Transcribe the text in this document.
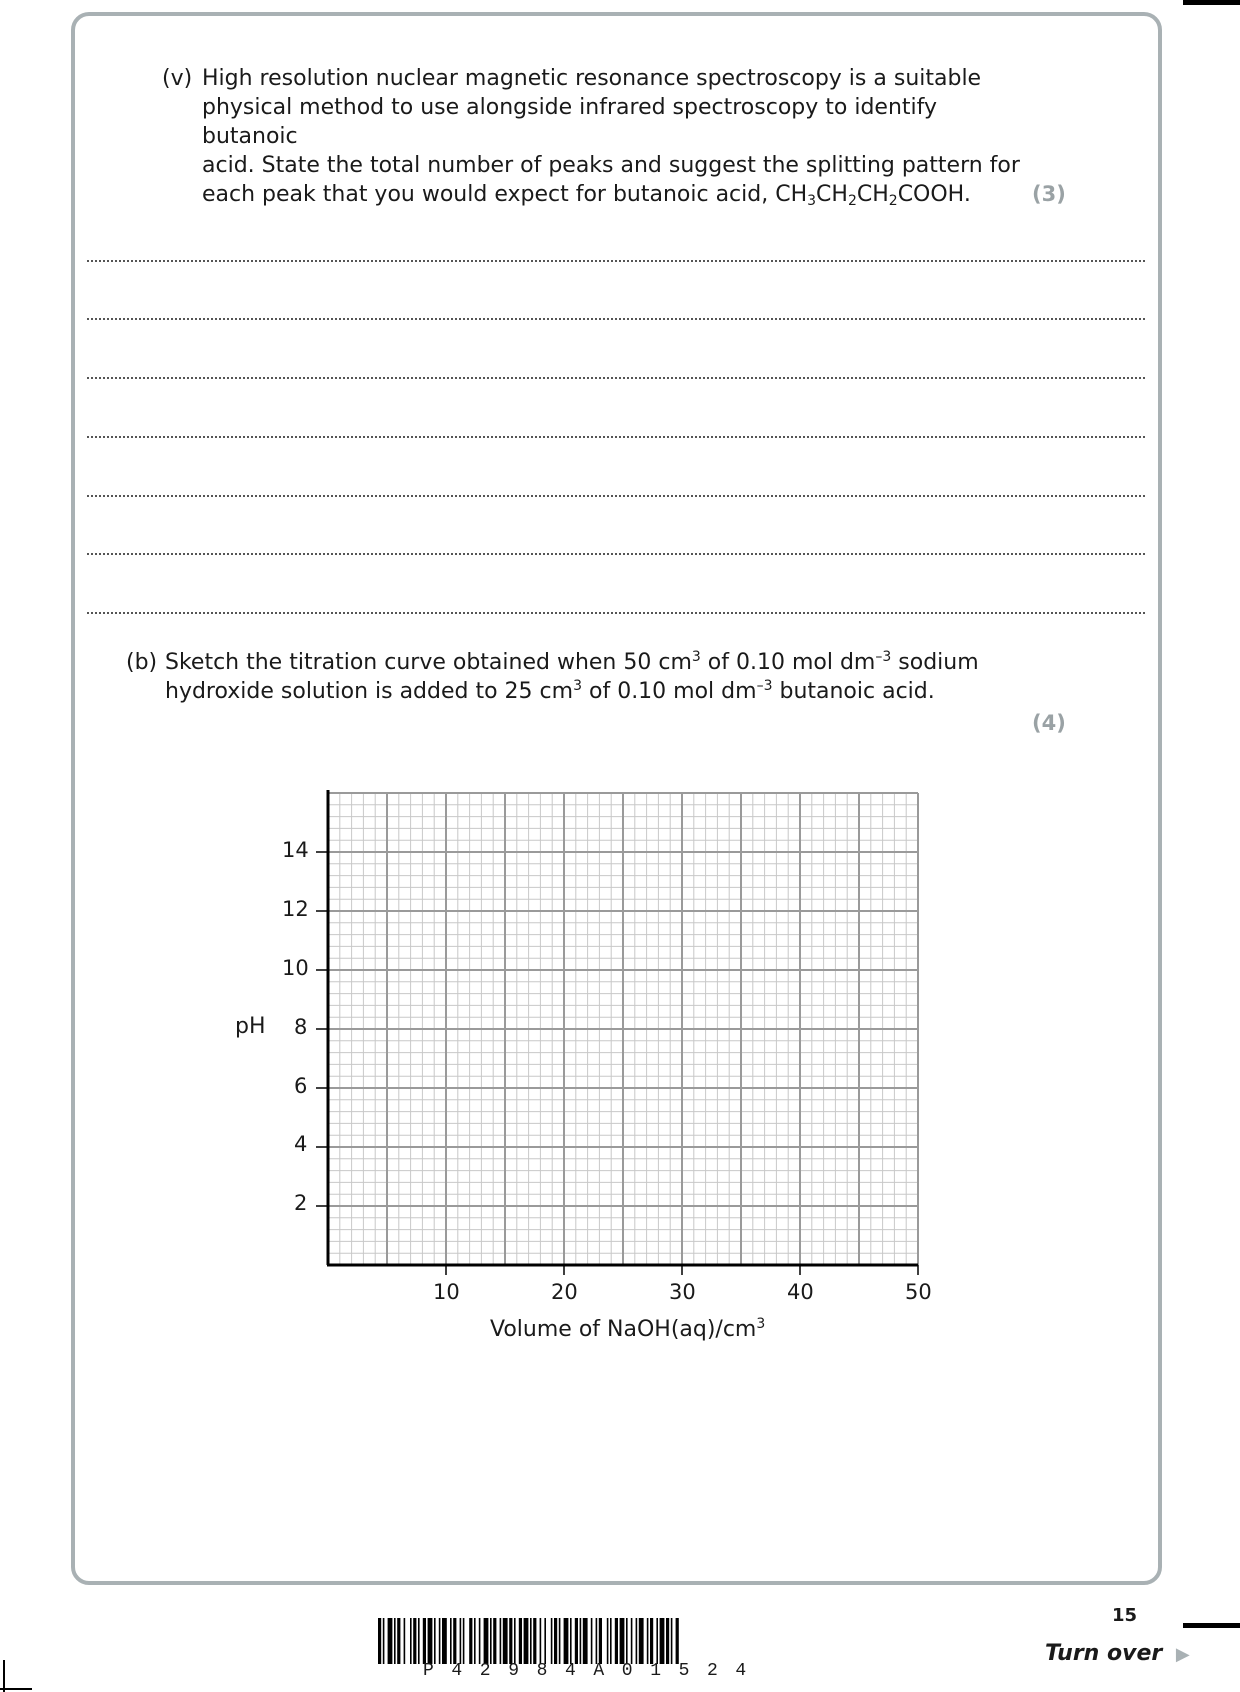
(v) High resolution nuclear magnetic resonance spectroscopy is a suitable
physical method to use alongside infrared spectroscopy to identify butanoic
acid. State the total number of peaks and suggest the splitting pattern for
each peak that you would expect for butanoic acid, $CH_3CH_2CH_2COOH$.	(3)
(b) Sketch the titration curve obtained when 50 $cm^3$ of 0.10 mol $dm^{-3}$ sodium
hydroxide solution is added to 25 $cm^3$ of 0.10 mol $dm^{-3}$ butanoic acid.
(4)
14
12
10
8
6
4
2
10	20	30	40	50
pH
Volume of $NaOH(aq)/cm^3$
15
Turn over ▶
P42984A01524
